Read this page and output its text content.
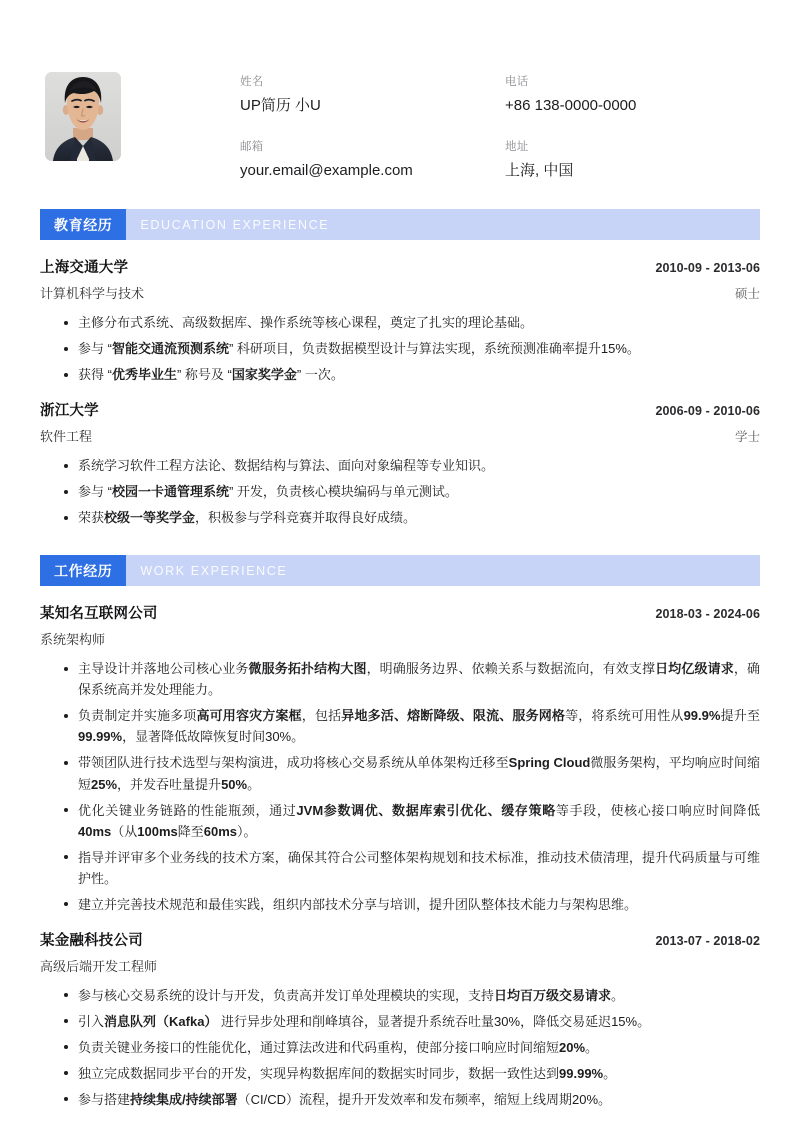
姓名
UP简历 小U
电话
+86 138-0000-0000
邮箱
your.email@example.com
地址
上海, 中国
教育经历	EDUCATION EXPERIENCE
上海交通大学	2010-09 - 2013-06
计算机科学与技术	硕士
主修分布式系统、高级数据库、操作系统等核心课程，奠定了扎实的理论基础。
参与 “智能交通流预测系统” 科研项目，负责数据模型设计与算法实现，系统预测准确率提升15%。
获得 “优秀毕业生” 称号及 “国家奖学金” 一次。
浙江大学	2006-09 - 2010-06
软件工程	学士
系统学习软件工程方法论、数据结构与算法、面向对象编程等专业知识。
参与 “校园一卡通管理系统” 开发，负责核心模块编码与单元测试。
荣获校级一等奖学金，积极参与学科竞赛并取得良好成绩。
工作经历	WORK EXPERIENCE
某知名互联网公司	2018-03 - 2024-06
系统架构师
主导设计并落地公司核心业务微服务拓扑结构大图，明确服务边界、依赖关系与数据流向，有效支撑日均亿级请求，确保系统高并发处理能力。
负责制定并实施多项高可用容灾方案框，包括异地多活、熔断降级、限流、服务网格等，将系统可用性从99.9%提升至99.99%，显著降低故障恢复时间30%。
带领团队进行技术选型与架构演进，成功将核心交易系统从单体架构迁移至Spring Cloud微服务架构，平均响应时间缩短25%，并发吞吐量提升50%。
优化关键业务链路的性能瓶颈，通过JVM参数调优、数据库索引优化、缓存策略等手段，使核心接口响应时间降低40ms（从100ms降至60ms）。
指导并评审多个业务线的技术方案，确保其符合公司整体架构规划和技术标准，推动技术债清理，提升代码质量与可维护性。
建立并完善技术规范和最佳实践，组织内部技术分享与培训，提升团队整体技术能力与架构思维。
某金融科技公司	2013-07 - 2018-02
高级后端开发工程师
参与核心交易系统的设计与开发，负责高并发订单处理模块的实现，支持日均百万级交易请求。
引入消息队列（Kafka） 进行异步处理和削峰填谷，显著提升系统吞吐量30%，降低交易延迟15%。
负责关键业务接口的性能优化，通过算法改进和代码重构，使部分接口响应时间缩短20%。
独立完成数据同步平台的开发，实现异构数据库间的数据实时同步，数据一致性达到99.99%。
参与搭建持续集成/持续部署（CI/CD）流程，提升开发效率和发布频率，缩短上线周期20%。
